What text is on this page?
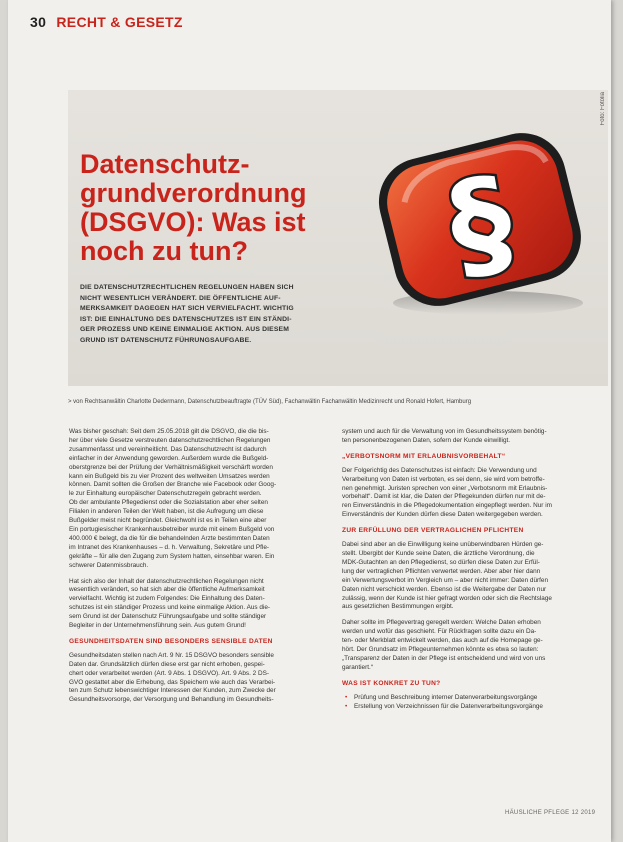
30 RECHT & GESETZ
Foto: Fotolia
Datenschutz-
grundverordnung
(DSGVO): Was ist
noch zu tun?
DIE DATENSCHUTZRECHTLICHEN REGELUNGEN HABEN SICH
NICHT WESENTLICH VERÄNDERT. DIE ÖFFENTLICHE AUF-
MERKSAMKEIT DAGEGEN HAT SICH VERVIELFACHT. WICHTIG
IST: DIE EINHALTUNG DES DATENSCHUTZES IST EIN STÄNDI-
GER PROZESS UND KEINE EINMALIGE AKTION. AUS DIESEM
GRUND IST DATENSCHUTZ FÜHRUNGSAUFGABE.
§
> von Rechtsanwältin Charlotte Dedermann, Datenschutzbeauftragte (TÜV Süd), Fachanwältin Fachanwältin Medizinrecht und Ronald Hofert, Hamburg

Was bisher geschah: Seit dem 25.05.2018 gilt die DSGVO, die die bis-
her über viele Gesetze verstreuten datenschutzrechtlichen Regelungen
zusammenfasst und vereinheitlicht. Das Datenschutzrecht ist dadurch
einfacher in der Anwendung geworden. Außerdem wurde die Bußgeld-
oberstgrenze bei der Prüfung der Verhältnismäßigkeit verschärft worden
kann ein Bußgeld bis zu vier Prozent des weltweiten Umsatzes werden
können. Damit sollten die Großen der Branche wie Facebook oder Goog-
le zur Einhaltung europäischer Datenschutzregeln gebracht werden.
Ob der ambulante Pflegedienst oder die Sozialstation aber eher selten
Filialen in anderen Teilen der Welt haben, ist die Aufregung um diese
Bußgelder meist nicht begründet. Gleichwohl ist es in Teilen eine aber
Ein portugiesischer Krankenhausbetreiber wurde mit einem Bußgeld von
400.000 € belegt, da die für die behandelnden Ärzte bestimmten Daten
im Intranet des Krankenhauses – d. h. Verwaltung, Sekretäre und Pfle-
gekräfte – für alle den Zugang zum System hatten, einsehbar waren. Ein
schwerer Datenmissbrauch.

Hat sich also der Inhalt der datenschutzrechtlichen Regelungen nicht
wesentlich verändert, so hat sich aber die öffentliche Aufmerksamkeit
vervielfacht. Wichtig ist zudem Folgendes: Die Einhaltung des Daten-
schutzes ist ein ständiger Prozess und keine einmalige Aktion. Aus die-
sem Grund ist der Datenschutz Führungsaufgabe und sollte ständiger
Begleiter in der Unternehmensführung sein. Aus gutem Grund!

GESUNDHEITSDATEN SIND BESONDERS SENSIBLE DATEN

Gesundheitsdaten stellen nach Art. 9 Nr. 15 DSGVO besonders sensible
Daten dar. Grundsätzlich dürfen diese erst gar nicht erhoben, gespei-
chert oder verarbeitet werden (Art. 9 Abs. 1 DSGVO). Art. 9 Abs. 2 DS-
GVO gestattet aber die Erhebung, das Speichern wie auch das Verarbei-
ten zum Schutz lebenswichtiger Interessen der Kunden, zum Zwecke der
Gesundheitsvorsorge, der Versorgung und Behandlung im Gesundheits-

system und auch für die Verwaltung von im Gesundheitssystem benötig-
ten personenbezogenen Daten, sofern der Kunde einwilligt.

„VERBOTSNORM MIT ERLAUBNISVORBEHALT“

Der Folgerichtig des Datenschutzes ist einfach: Die Verwendung und
Verarbeitung von Daten ist verboten, es sei denn, sie wird vom betroffe-
nen genehmigt. Juristen sprechen von einer „Verbotsnorm mit Erlaubnis-
vorbehalt“. Damit ist klar, die Daten der Pflegekunden dürfen nur mit de-
ren Einverständnis in die Pflegedokumentation eingepflegt werden. Nur im
Einverständnis der Kunden dürfen diese Daten weitergegeben werden.

ZUR ERFÜLLUNG DER VERTRAGLICHEN PFLICHTEN

Dabei sind aber an die Einwilligung keine unüberwindbaren Hürden ge-
stellt. Übergibt der Kunde seine Daten, die ärztliche Verordnung, die
MDK-Gutachten an den Pflegedienst, so dürfen diese Daten zur Erfül-
lung der vertraglichen Pflichten verwertet werden. Aber aber hier dann
ein Verwertungsverbot im Vergleich um – aber nicht immer: Daten dürfen
Daten nicht verschickt werden. Ebenso ist die Weitergabe der Daten nur
zulässig, wenn der Kunde ist hier gefragt worden oder sich die Rechtslage
aus gesetzlichen Bestimmungen ergibt.

Daher sollte im Pflegevertrag geregelt werden: Welche Daten erhoben
werden und wofür das geschieht. Für Rückfragen sollte dazu ein Da-
ten- oder Merkblatt entwickelt werden, das auch auf die Homepage ge-
hört. Der Grundsatz im Pflegeunternehmen könnte es etwa so lauten:
„Transparenz der Daten in der Pflege ist entscheidend und wird von uns
garantiert.“

WAS IST KONKRET ZU TUN?
• Prüfung und Beschreibung interner Datenverarbeitungsvorgänge
• Erstellung von Verzeichnissen für die Datenverarbeitungsvorgänge
HÄUSLICHE PFLEGE 12 2019
